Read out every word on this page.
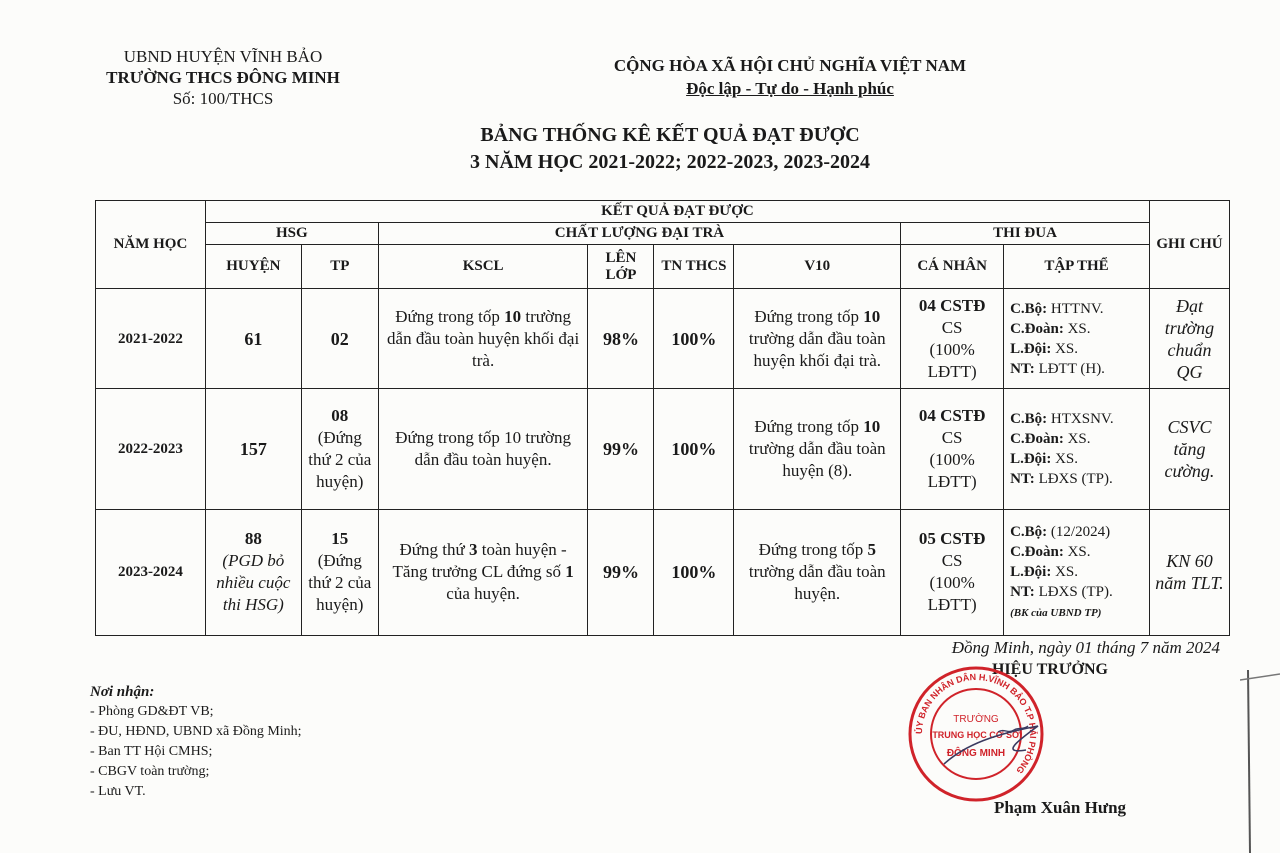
UBND HUYỆN VĨNH BẢO
TRƯỜNG THCS ĐÔNG MINH
Số: 100/THCS
CỘNG HÒA XÃ HỘI CHỦ NGHĨA VIỆT NAM
Độc lập - Tự do - Hạnh phúc
BẢNG THỐNG KÊ KẾT QUẢ ĐẠT ĐƯỢC
3 NĂM HỌC 2021-2022; 2022-2023, 2023-2024
NĂM HỌC	KẾT QUẢ ĐẠT ĐƯỢC								GHI CHÚ
	HSG		CHẤT LƯỢNG ĐẠI TRÀ				THI ĐUA		
	HUYỆN	TP	KSCL	LÊN LỚP	TN THCS	V10	CÁ NHÂN	TẬP THỂ	
2021-2022	61	02	Đứng trong tốp 10 trường dẫn đầu toàn huyện khối đại trà.	98%	100%	Đứng trong tốp 10 trường dẫn đầu toàn huyện khối đại trà.	04 CSTĐ
CS
(100% LĐTT)	C.Bộ: HTTNV.
C.Đoàn: XS.
L.Đội: XS.
NT: LĐTT (H).	Đạt trường chuẩn QG
2022-2023	157	08
(Đứng thứ 2 của huyện)	Đứng trong tốp 10 trường dẫn đầu toàn huyện.	99%	100%	Đứng trong tốp 10 trường dẫn đầu toàn huyện (8).	04 CSTĐ
CS
(100% LĐTT)	C.Bộ: HTXSNV.
C.Đoàn: XS.
L.Đội: XS.
NT: LĐXS (TP).	CSVC tăng cường.
2023-2024	88
(PGD bỏ nhiều cuộc thi HSG)	15
(Đứng thứ 2 của huyện)	Đứng thứ 3 toàn huyện - Tăng trưởng CL đứng số 1 của huyện.	99%	100%	Đứng trong tốp 5 trường dẫn đầu toàn huyện.	05 CSTĐ
CS
(100% LĐTT)	C.Bộ: (12/2024)
C.Đoàn: XS.
L.Đội: XS.
NT: LĐXS (TP).
(BK của UBND TP)	KN 60 năm TLT.
Đồng Minh, ngày 01 tháng 7 năm 2024
HIỆU TRƯỞNG
ỦY BAN NHÂN DÂN H.VĨNH BẢO T.P HẢI PHÒNG
TRƯỜNG
TRUNG HỌC CƠ SỞ
ĐÔNG MINH
Phạm Xuân Hưng
Nơi nhận:
- Phòng GD&ĐT VB;
- ĐU, HĐND, UBND xã Đồng Minh;
- Ban TT Hội CMHS;
- CBGV toàn trường;
- Lưu VT.
